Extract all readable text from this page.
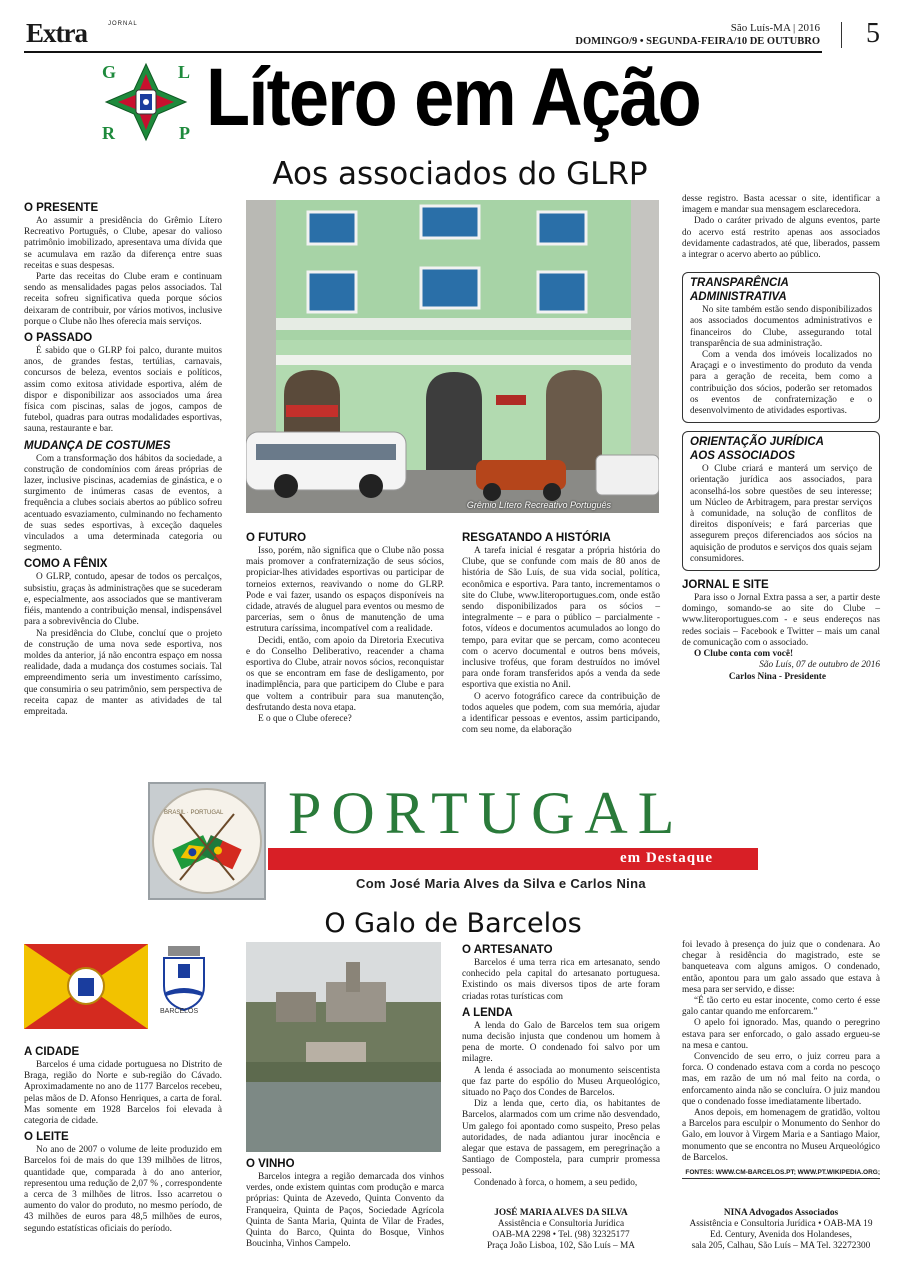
Extra	JORNAL	São Luís-MA | 2016
DOMINGO/9 • SEGUNDA-FEIRA/10 DE OUTUBRO 5
G	L
R	P Lítero em Ação
Aos associados do GLRP
Grêmio Lítero Recreativo Português
O PRESENTE

Ao assumir a presidência do Grêmio Lítero Recreativo Português, o Clube, apesar do valioso patrimônio imobilizado, apresentava uma dívida que se acumulava em razão da diferença entre suas receitas e suas despesas.

Parte das receitas do Clube eram e continuam sendo as mensalidades pagas pelos associados. Tal receita sofreu significativa queda porque sócios deixaram de contribuir, por vários motivos, inclusive porque o Clube não lhes oferecia mais serviços.

O PASSADO

É sabido que o GLRP foi palco, durante muitos anos, de grandes festas, tertúlias, carnavais, concursos de beleza, eventos sociais e políticos, assim como exitosa atividade esportiva, além de dispor e disponibilizar aos associados uma área física com piscinas, salas de jogos, campos de futebol, quadras para outras modalidades esportivas, sauna, restaurante e bar.

MUDANÇA DE COSTUMES

Com a transformação dos hábitos da sociedade, a construção de condomínios com áreas próprias de lazer, inclusive piscinas, academias de ginástica, e o surgimento de inúmeras casas de eventos, a frequência a clubes sociais abertos ao público sofreu acentuado esvaziamento, culminando no fechamento de suas sedes esportivas, à exceção daqueles vinculados a uma determinada categoria ou segmento.

COMO A FÊNIX

O GLRP, contudo, apesar de todos os percalços, subsistiu, graças às administrações que se sucederam e, especialmente, aos associados que se mantiveram fiéis, mantendo a contribuição mensal, indispensável para a sobrevivência do Clube.

Na presidência do Clube, concluí que o projeto de construção de uma nova sede esportiva, nos moldes da anterior, já não encontra espaço em nossa realidade, dada a mudança dos costumes sociais. Tal empreendimento seria um investimento caríssimo, que consumiria o seu patrimônio, sem perspectiva de receita capaz de manter as atividades de tal empreitada.

O FUTURO

Isso, porém, não significa que o Clube não possa mais promover a confraternização de seus sócios, propiciar-lhes atividades esportivas ou participar de torneios externos, reavivando o nome do GLRP. Pode e vai fazer, usando os espaços disponíveis na cidade, através de aluguel para eventos ou mesmo de parcerias, sem o ônus de manutenção de uma estrutura caríssima, incompatível com a realidade.

Decidi, então, com apoio da Diretoria Executiva e do Conselho Deliberativo, reacender a chama esportiva do Clube, atrair novos sócios, reconquistar os que se encontram em fase de desligamento, por inadimplência, para que participem do Clube e para que voltem a contribuir para sua manutenção, desfrutando desta nova etapa.

E o que o Clube oferece?

RESGATANDO A HISTÓRIA

A tarefa inicial é resgatar a própria história do Clube, que se confunde com mais de 80 anos de história de São Luís, de sua vida social, política, econômica e esportiva. Para tanto, incrementamos o site do Clube, www.literoportugues.com, onde estão sendo disponibilizados para os sócios – integralmente – e para o público – parcialmente - fotos, vídeos e documentos acumulados ao longo do tempo, para evitar que se percam, como aconteceu com o acervo documental e outros bens móveis, inclusive troféus, que foram destruídos no imóvel para onde foram transferidos após a venda da sede esportiva que existia no Anil.

O acervo fotográfico carece da contribuição de todos aqueles que podem, com sua memória, ajudar a identificar pessoas e eventos, assim participando, com seu nome, da elaboração

desse registro. Basta acessar o site, identificar a imagem e mandar sua mensagem esclarecedora.

Dado o caráter privado de alguns eventos, parte do acervo está restrito apenas aos associados devidamente cadastrados, até que, liberados, passem a integrar o acervo aberto ao público.

TRANSPARÊNCIA
ADMINISTRATIVA

No site também estão sendo disponibilizados aos associados documentos administrativos e financeiros do Clube, assegurando total transparência de sua administração.

Com a venda dos imóveis localizados no Araçagi e o investimento do produto da venda para a geração de receita, bem como a contribuição dos sócios, poderão ser retomados os eventos de confraternização e o desenvolvimento de atividades esportivas.

ORIENTAÇÃO JURÍDICA
AOS ASSOCIADOS

O Clube criará e manterá um serviço de orientação jurídica aos associados, para aconselhá-los sobre questões de seu interesse; um Núcleo de Arbitragem, para prestar serviços à comunidade, na solução de conflitos de direitos disponíveis; e fará parcerias que assegurem preços diferenciados aos sócios na aquisição de produtos e serviços dos quais sejam consumidores.

JORNAL E SITE

Para isso o Jornal Extra passa a ser, a partir deste domingo, somando-se ao site do Clube – www.literoportugues.com - e seus endereços nas redes sociais – Facebook e Twitter – mais um canal de comunicação com o associado.

O Clube conta com você!

São Luís, 07 de outubro de 2016
Carlos Nina - Presidente
em Destaque
PORTUGAL
BRASIL · PORTUGAL
Com José Maria Alves da Silva e Carlos Nina
O Galo de Barcelos
BARCELOS
A CIDADE

Barcelos é uma cidade portuguesa no Distrito de Braga, região do Norte e sub-região do Cávado. Aproximadamente no ano de 1177 Barcelos recebeu, pelas mãos de D. Afonso Henriques, a carta de foral. Mas somente em 1928 Barcelos foi elevada à categoria de cidade.

O LEITE

No ano de 2007 o volume de leite produzido em Barcelos foi de mais do que 139 milhões de litros, quantidade que, comparada à do ano anterior, representou uma redução de 2,07 % , correspondente a cerca de 3 milhões de litros. Isso acarretou o aumento do valor do produto, no mesmo período, de 43 milhões de euros para 48,5 milhões de euros, segundo estatísticas oficiais do período.

O VINHO

Barcelos integra a região demarcada dos vinhos verdes, onde existem quintas com produção e marca próprias: Quinta de Azevedo, Quinta Convento da Franqueira, Quinta de Paços, Sociedade Agrícola Quinta de Santa Maria, Quinta de Vilar de Frades, Quinta do Barco, Quinta do Bosque, Vinhos Boucinha, Vinhos Campelo.

O ARTESANATO

Barcelos é uma terra rica em artesanato, sendo conhecido pela capital do artesanato portuguesa. Existindo os mais diversos tipos de arte foram criadas rotas turísticas com

A LENDA

A lenda do Galo de Barcelos tem sua origem numa decisão injusta que condenou um homem à pena de morte. O condenado foi salvo por um milagre.

A lenda é associada ao monumento seiscentista que faz parte do espólio do Museu Arqueológico, situado no Paço dos Condes de Barcelos.

Diz a lenda que, certo dia, os habitantes de Barcelos, alarmados com um crime não desvendado, Um galego foi apontado como suspeito, Preso pelas autoridades, de nada adiantou jurar inocência e alegar que estava de passagem, em peregrinação a Santiago de Compostela, para cumprir promessa pessoal.

Condenado à forca, o homem, a seu pedido,

foi levado à presença do juiz que o condenara. Ao chegar à residência do magistrado, este se banqueteava com alguns amigos. O condenado, então, apontou para um galo assado que estava à mesa para ser servido, e disse:

“É tão certo eu estar inocente, como certo é esse galo cantar quando me enforcarem.”

O apelo foi ignorado. Mas, quando o peregrino estava para ser enforcado, o galo assado ergueu-se na mesa e cantou.

Convencido de seu erro, o juiz correu para a forca. O condenado estava com a corda no pescoço mas, em razão de um nó mal feito na corda, o enforcamento ainda não se concluíra. O juiz mandou que o condenado fosse imediatamente libertado.

Anos depois, em homenagem de gratidão, voltou a Barcelos para esculpir o Monumento do Senhor do Galo, em louvor à Virgem Maria e a Santiago Maior, monumento que se encontra no Museu Arqueológico de Barcelos.

FONTES: WWW.CM-BARCELOS.PT; WWW.PT.WIKIPEDIA.ORG;
JOSÉ MARIA ALVES DA SILVA
Assistência e Consultoria Jurídica
OAB-MA 2298 • Tel. (98) 32325177
Praça João Lisboa, 102, São Luís – MA
NINA Advogados Associados
Assistência e Consultoria Jurídica • OAB-MA 19
Ed. Century, Avenida dos Holandeses,
sala 205, Calhau, São Luís – MA Tel. 32272300
